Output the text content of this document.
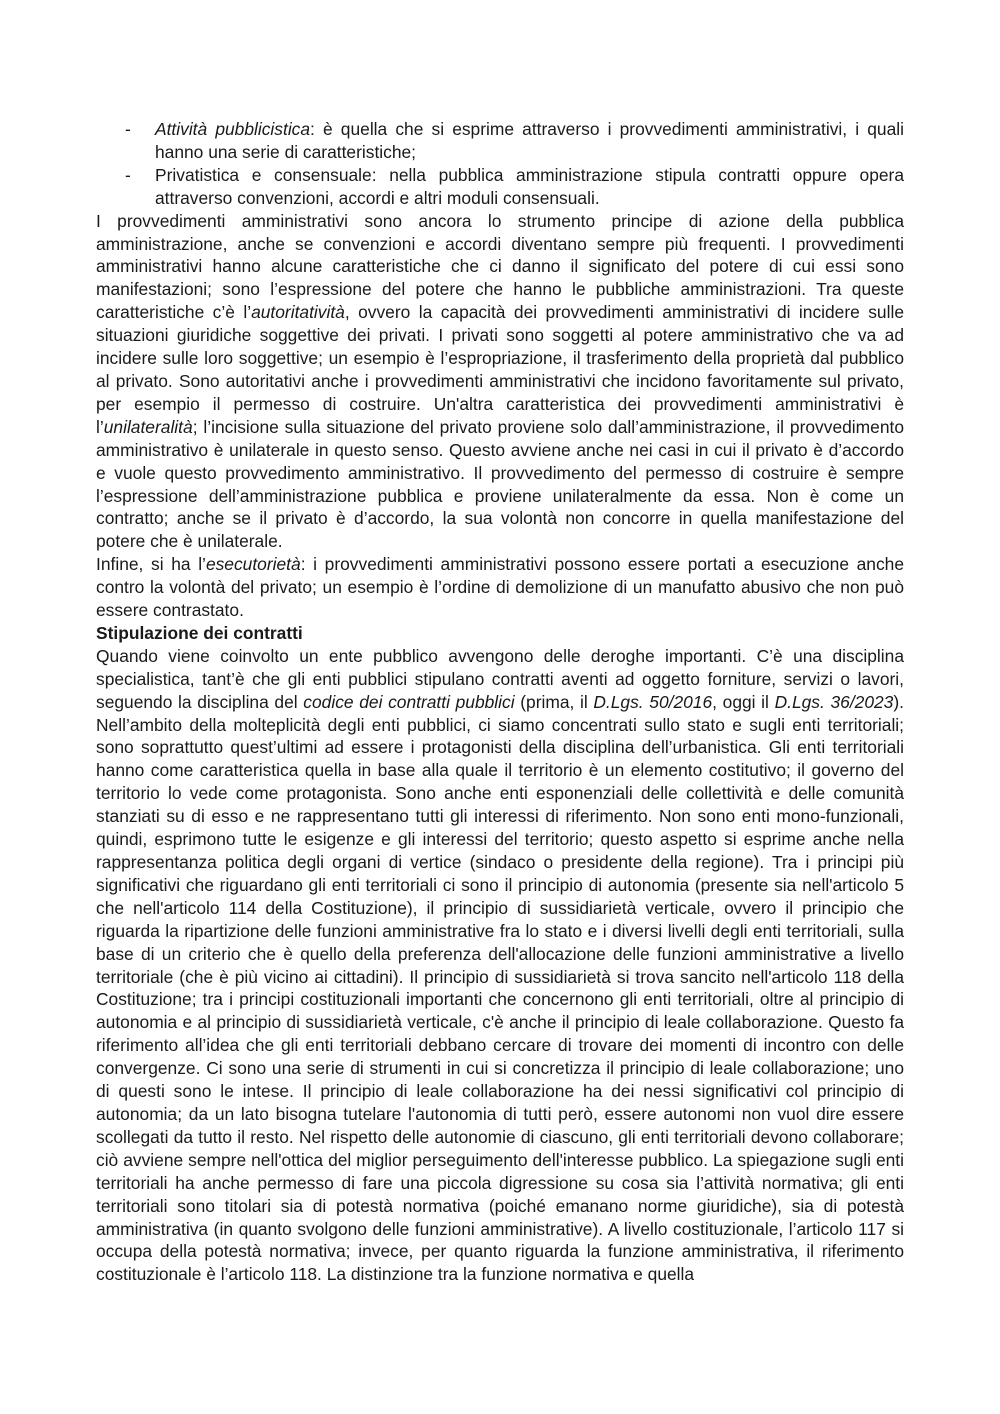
- Attività pubblicistica: è quella che si esprime attraverso i provvedimenti amministrativi, i quali hanno una serie di caratteristiche;
- Privatistica e consensuale: nella pubblica amministrazione stipula contratti oppure opera attraverso convenzioni, accordi e altri moduli consensuali.

I provvedimenti amministrativi sono ancora lo strumento principe di azione della pubblica amministrazione, anche se convenzioni e accordi diventano sempre più frequenti. I provvedimenti amministrativi hanno alcune caratteristiche che ci danno il significato del potere di cui essi sono manifestazioni; sono l’espressione del potere che hanno le pubbliche amministrazioni. Tra queste caratteristiche c’è l’autoritatività, ovvero la capacità dei provvedimenti amministrativi di incidere sulle situazioni giuridiche soggettive dei privati. I privati sono soggetti al potere amministrativo che va ad incidere sulle loro soggettive; un esempio è l’espropriazione, il trasferimento della proprietà dal pubblico al privato. Sono autoritativi anche i provvedimenti amministrativi che incidono favoritamente sul privato, per esempio il permesso di costruire. Un'altra caratteristica dei provvedimenti amministrativi è l’unilateralità; l’incisione sulla situazione del privato proviene solo dall’amministrazione, il provvedimento amministrativo è unilaterale in questo senso. Questo avviene anche nei casi in cui il privato è d’accordo e vuole questo provvedimento amministrativo. Il provvedimento del permesso di costruire è sempre l’espressione dell’amministrazione pubblica e proviene unilateralmente da essa. Non è come un contratto; anche se il privato è d’accordo, la sua volontà non concorre in quella manifestazione del potere che è unilaterale.

Infine, si ha l’esecutorietà: i provvedimenti amministrativi possono essere portati a esecuzione anche contro la volontà del privato; un esempio è l’ordine di demolizione di un manufatto abusivo che non può essere contrastato.

Stipulazione dei contratti

Quando viene coinvolto un ente pubblico avvengono delle deroghe importanti. C’è una disciplina specialistica, tant’è che gli enti pubblici stipulano contratti aventi ad oggetto forniture, servizi o lavori, seguendo la disciplina del codice dei contratti pubblici (prima, il D.Lgs. 50/2016, oggi il D.Lgs. 36/2023). Nell’ambito della molteplicità degli enti pubblici, ci siamo concentrati sullo stato e sugli enti territoriali; sono soprattutto quest’ultimi ad essere i protagonisti della disciplina dell’urbanistica. Gli enti territoriali hanno come caratteristica quella in base alla quale il territorio è un elemento costitutivo; il governo del territorio lo vede come protagonista. Sono anche enti esponenziali delle collettività e delle comunità stanziati su di esso e ne rappresentano tutti gli interessi di riferimento. Non sono enti mono-funzionali, quindi, esprimono tutte le esigenze e gli interessi del territorio; questo aspetto si esprime anche nella rappresentanza politica degli organi di vertice (sindaco o presidente della regione). Tra i principi più significativi che riguardano gli enti territoriali ci sono il principio di autonomia (presente sia nell'articolo 5 che nell'articolo 114 della Costituzione), il principio di sussidiarietà verticale, ovvero il principio che riguarda la ripartizione delle funzioni amministrative fra lo stato e i diversi livelli degli enti territoriali, sulla base di un criterio che è quello della preferenza dell'allocazione delle funzioni amministrative a livello territoriale (che è più vicino ai cittadini). Il principio di sussidiarietà si trova sancito nell'articolo 118 della Costituzione; tra i principi costituzionali importanti che concernono gli enti territoriali, oltre al principio di autonomia e al principio di sussidiarietà verticale, c'è anche il principio di leale collaborazione. Questo fa riferimento all’idea che gli enti territoriali debbano cercare di trovare dei momenti di incontro con delle convergenze. Ci sono una serie di strumenti in cui si concretizza il principio di leale collaborazione; uno di questi sono le intese. Il principio di leale collaborazione ha dei nessi significativi col principio di autonomia; da un lato bisogna tutelare l'autonomia di tutti però, essere autonomi non vuol dire essere scollegati da tutto il resto. Nel rispetto delle autonomie di ciascuno, gli enti territoriali devono collaborare; ciò avviene sempre nell'ottica del miglior perseguimento dell'interesse pubblico. La spiegazione sugli enti territoriali ha anche permesso di fare una piccola digressione su cosa sia l’attività normativa; gli enti territoriali sono titolari sia di potestà normativa (poiché emanano norme giuridiche), sia di potestà amministrativa (in quanto svolgono delle funzioni amministrative). A livello costituzionale, l’articolo 117 si occupa della potestà normativa; invece, per quanto riguarda la funzione amministrativa, il riferimento costituzionale è l’articolo 118. La distinzione tra la funzione normativa e quella
